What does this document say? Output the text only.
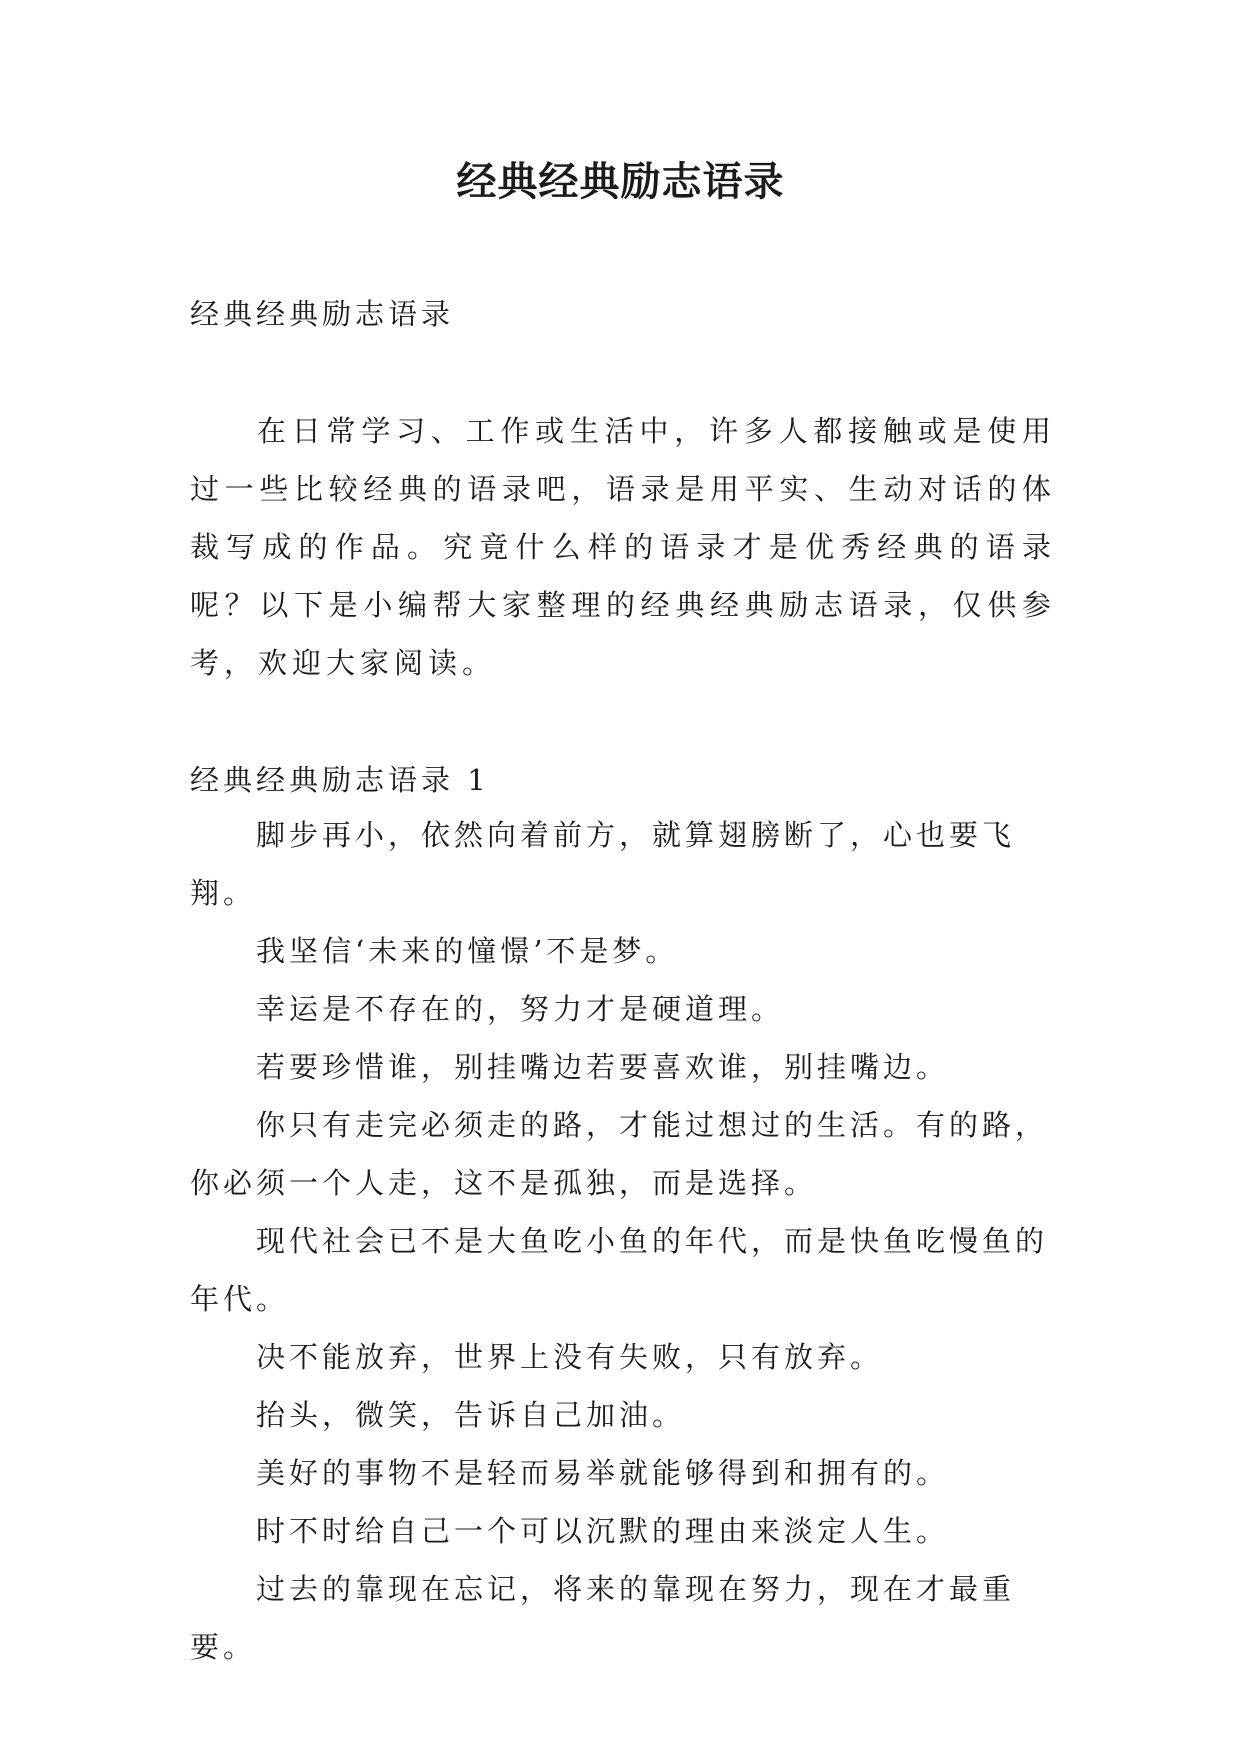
经典经典励志语录

经典经典励志语录

在日常学习、工作或生活中，许多人都接触或是使用过一些比较经典的语录吧，语录是用平实、生动对话的体裁写成的作品。究竟什么样的语录才是优秀经典的语录呢？以下是小编帮大家整理的经典经典励志语录，仅供参考，欢迎大家阅读。

经典经典励志语录 1

脚步再小，依然向着前方，就算翅膀断了，心也要飞翔。
我坚信‘未来的憧憬’不是梦。
幸运是不存在的，努力才是硬道理。
若要珍惜谁，别挂嘴边若要喜欢谁，别挂嘴边。
你只有走完必须走的路，才能过想过的生活。有的路，你必须一个人走，这不是孤独，而是选择。
现代社会已不是大鱼吃小鱼的年代，而是快鱼吃慢鱼的年代。
决不能放弃，世界上没有失败，只有放弃。
抬头，微笑，告诉自己加油。
美好的事物不是轻而易举就能够得到和拥有的。
时不时给自己一个可以沉默的理由来淡定人生。
过去的靠现在忘记，将来的靠现在努力，现在才最重要。
